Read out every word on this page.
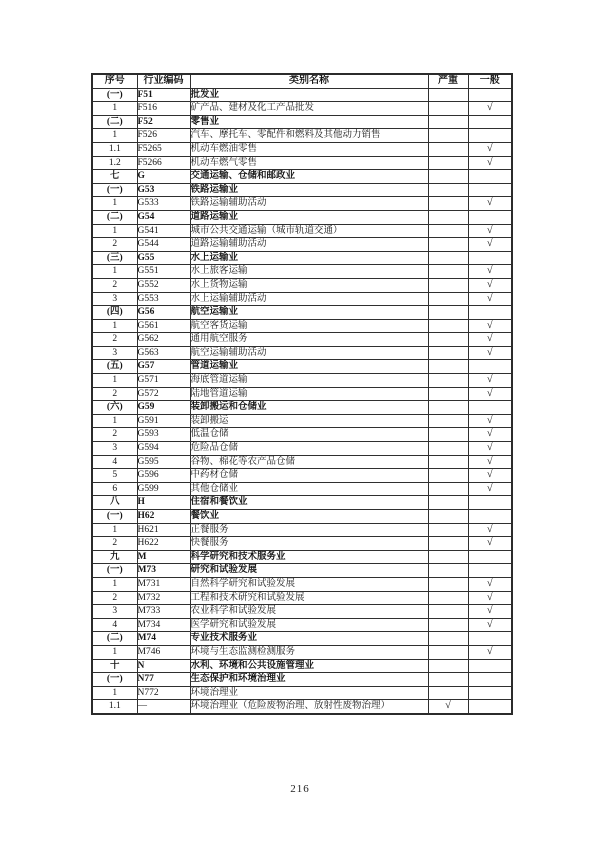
序号	行业编码	类别名称	严重	一般
(一)	F51	批发业		
1	F516	矿产品、建材及化工产品批发		√
(二)	F52	零售业		
1	F526	汽车、摩托车、零配件和燃料及其他动力销售		
1.1	F5265	机动车燃油零售		√
1.2	F5266	机动车燃气零售		√
七	G	交通运输、仓储和邮政业		
(一)	G53	铁路运输业		
1	G533	铁路运输辅助活动		√
(二)	G54	道路运输业		
1	G541	城市公共交通运输（城市轨道交通）		√
2	G544	道路运输辅助活动		√
(三)	G55	水上运输业		
1	G551	水上旅客运输		√
2	G552	水上货物运输		√
3	G553	水上运输辅助活动		√
(四)	G56	航空运输业		
1	G561	航空客货运输		√
2	G562	通用航空服务		√
3	G563	航空运输辅助活动		√
(五)	G57	管道运输业		
1	G571	海底管道运输		√
2	G572	陆地管道运输		√
(六)	G59	装卸搬运和仓储业		
1	G591	装卸搬运		√
2	G593	低温仓储		√
3	G594	危险品仓储		√
4	G595	谷物、棉花等农产品仓储		√
5	G596	中药材仓储		√
6	G599	其他仓储业		√
八	H	住宿和餐饮业		
(一)	H62	餐饮业		
1	H621	正餐服务		√
2	H622	快餐服务		√
九	M	科学研究和技术服务业		
(一)	M73	研究和试验发展		
1	M731	自然科学研究和试验发展		√
2	M732	工程和技术研究和试验发展		√
3	M733	农业科学和试验发展		√
4	M734	医学研究和试验发展		√
(二)	M74	专业技术服务业		
1	M746	环境与生态监测检测服务		√
十	N	水利、环境和公共设施管理业		
(一)	N77	生态保护和环境治理业		
1	N772	环境治理业		
1.1	—	环境治理业（危险废物治理、放射性废物治理）	√	
216
